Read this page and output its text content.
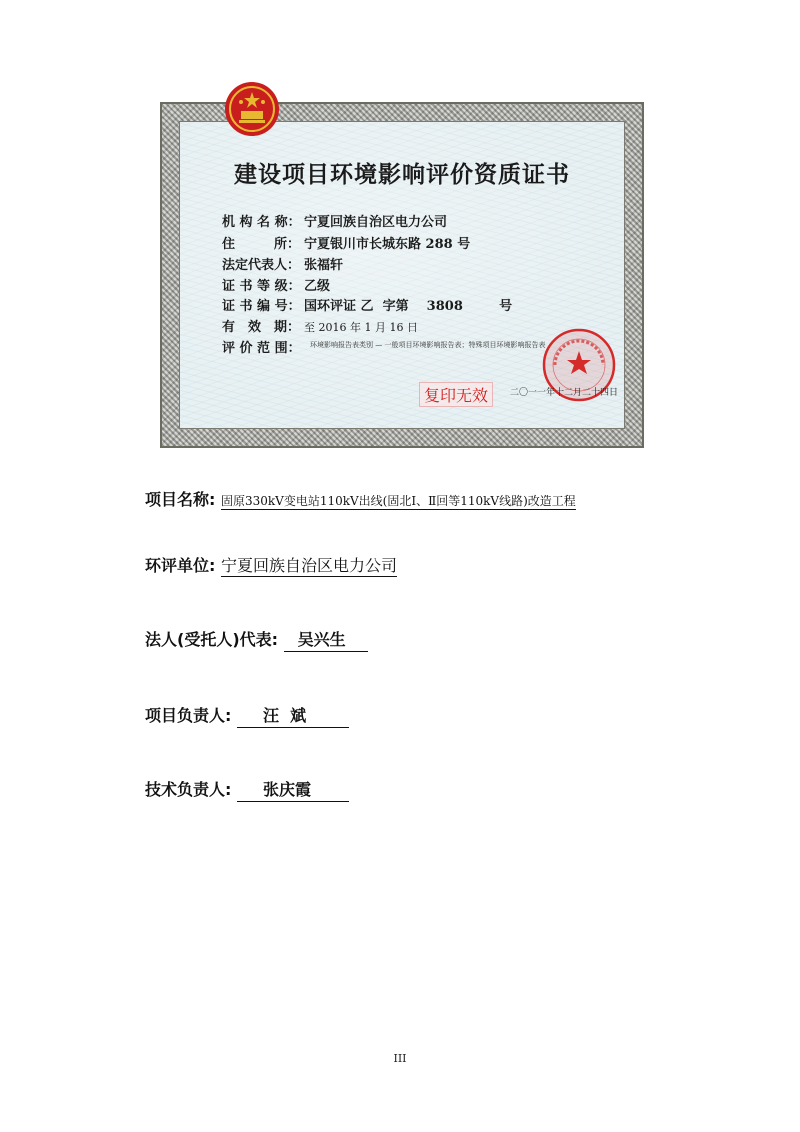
建设项目环境影响评价资质证书
机 构 名 称： 宁夏回族自治区电力公司
住　　　所： 宁夏银川市长城东路 288 号
法定代表人： 张福轩
证 书 等 级： 乙级
证 书 编 号： 国环评证 乙  字第    3808        号
有　效　期： 至 2016 年 1 月 16 日
评 价 范 围：	环境影响报告表类别 — 一般项目环境影响报告表；特殊项目环境影响报告表
二〇一一年十二月二十四日
复印无效
项目名称: 固原330kV变电站110kV出线(固北Ⅰ、Ⅱ回等110kV线路)改造工程
环评单位: 宁夏回族自治区电力公司
法人(受托人)代表: 吴兴生
项目负责人: 汪  斌
技术负责人: 张庆霞
III
